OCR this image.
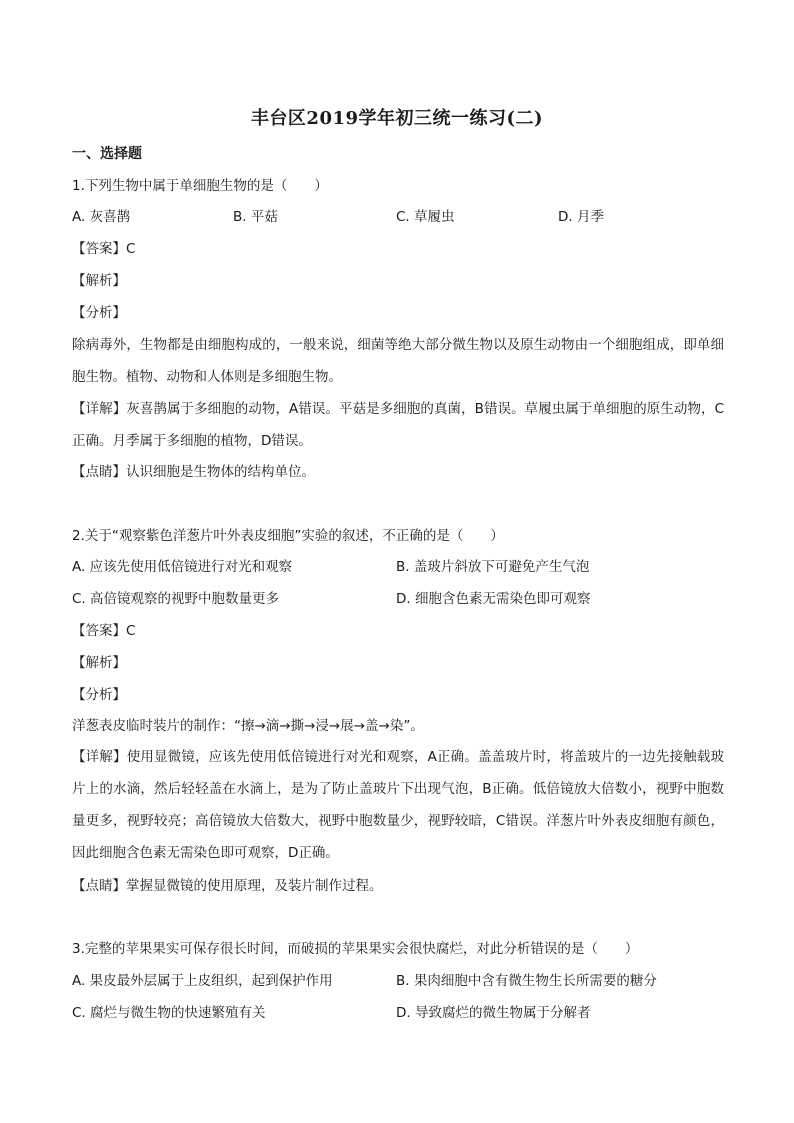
丰台区2019学年初三统一练习(二)
一、选择题
1.下列生物中属于单细胞生物的是（　　）
A. 灰喜鹊	B. 平菇	C. 草履虫	D. 月季
【答案】C
【解析】
【分析】
除病毒外，生物都是由细胞构成的，一般来说，细菌等绝大部分微生物以及原生动物由一个细胞组成，即单细胞生物。植物、动物和人体则是多细胞生物。
【详解】灰喜鹊属于多细胞的动物，A错误。平菇是多细胞的真菌，B错误。草履虫属于单细胞的原生动物，C正确。月季属于多细胞的植物，D错误。
【点睛】认识细胞是生物体的结构单位。
2.关于“观察紫色洋葱片叶外表皮细胞”实验的叙述，不正确的是（　　）
A. 应该先使用低倍镜进行对光和观察	B. 盖玻片斜放下可避免产生气泡
C. 高倍镜观察的视野中胞数量更多	D. 细胞含色素无需染色即可观察
【答案】C
【解析】
【分析】
洋葱表皮临时装片的制作：“擦→滴→撕→浸→展→盖→染”。
【详解】使用显微镜，应该先使用低倍镜进行对光和观察，A正确。盖盖玻片时，将盖玻片的一边先接触载玻片上的水滴，然后轻轻盖在水滴上，是为了防止盖玻片下出现气泡，B正确。低倍镜放大倍数小，视野中胞数量更多，视野较亮；高倍镜放大倍数大，视野中胞数量少，视野较暗，C错误。洋葱片叶外表皮细胞有颜色，因此细胞含色素无需染色即可观察，D正确。
【点睛】掌握显微镜的使用原理，及装片制作过程。
3.完整的苹果果实可保存很长时间，而破损的苹果果实会很快腐烂，对此分析错误的是（　　）
A. 果皮最外层属于上皮组织，起到保护作用	B. 果肉细胞中含有微生物生长所需要的糖分
C. 腐烂与微生物的快速繁殖有关	D. 导致腐烂的微生物属于分解者
